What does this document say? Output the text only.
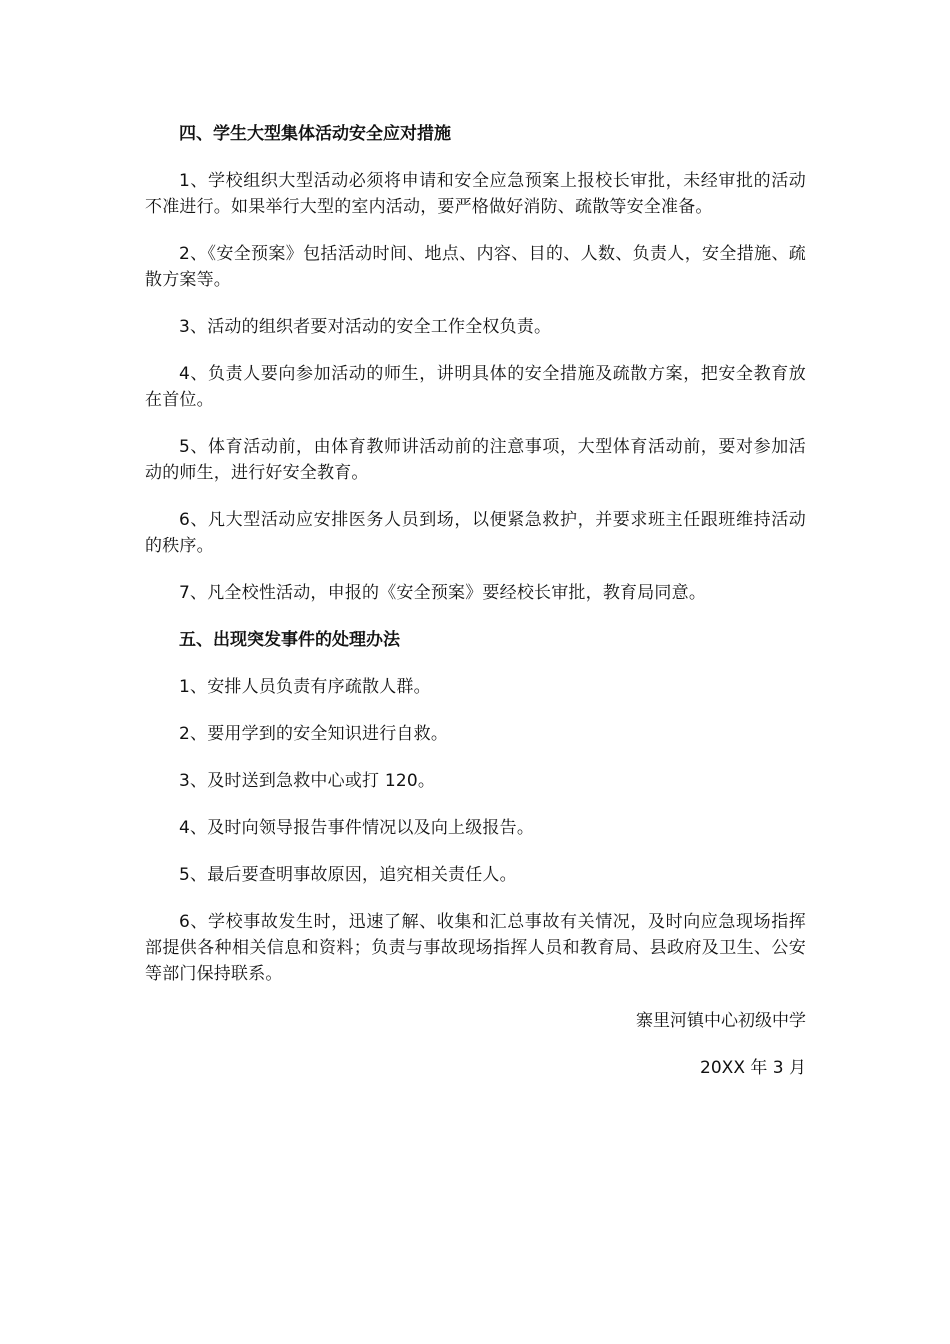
四、学生大型集体活动安全应对措施

1、学校组织大型活动必须将申请和安全应急预案上报校长审批，未经审批的活动不准进行。如果举行大型的室内活动，要严格做好消防、疏散等安全准备。

2、《安全预案》包括活动时间、地点、内容、目的、人数、负责人，安全措施、疏散方案等。

3、活动的组织者要对活动的安全工作全权负责。

4、负责人要向参加活动的师生，讲明具体的安全措施及疏散方案，把安全教育放在首位。

5、体育活动前，由体育教师讲活动前的注意事项，大型体育活动前，要对参加活动的师生，进行好安全教育。

6、凡大型活动应安排医务人员到场，以便紧急救护，并要求班主任跟班维持活动的秩序。

7、凡全校性活动，申报的《安全预案》要经校长审批，教育局同意。

五、出现突发事件的处理办法

1、安排人员负责有序疏散人群。

2、要用学到的安全知识进行自救。

3、及时送到急救中心或打 120。

4、及时向领导报告事件情况以及向上级报告。

5、最后要查明事故原因，追究相关责任人。

6、学校事故发生时，迅速了解、收集和汇总事故有关情况，及时向应急现场指挥部提供各种相关信息和资料；负责与事故现场指挥人员和教育局、县政府及卫生、公安等部门保持联系。

寨里河镇中心初级中学

20XX 年 3 月
